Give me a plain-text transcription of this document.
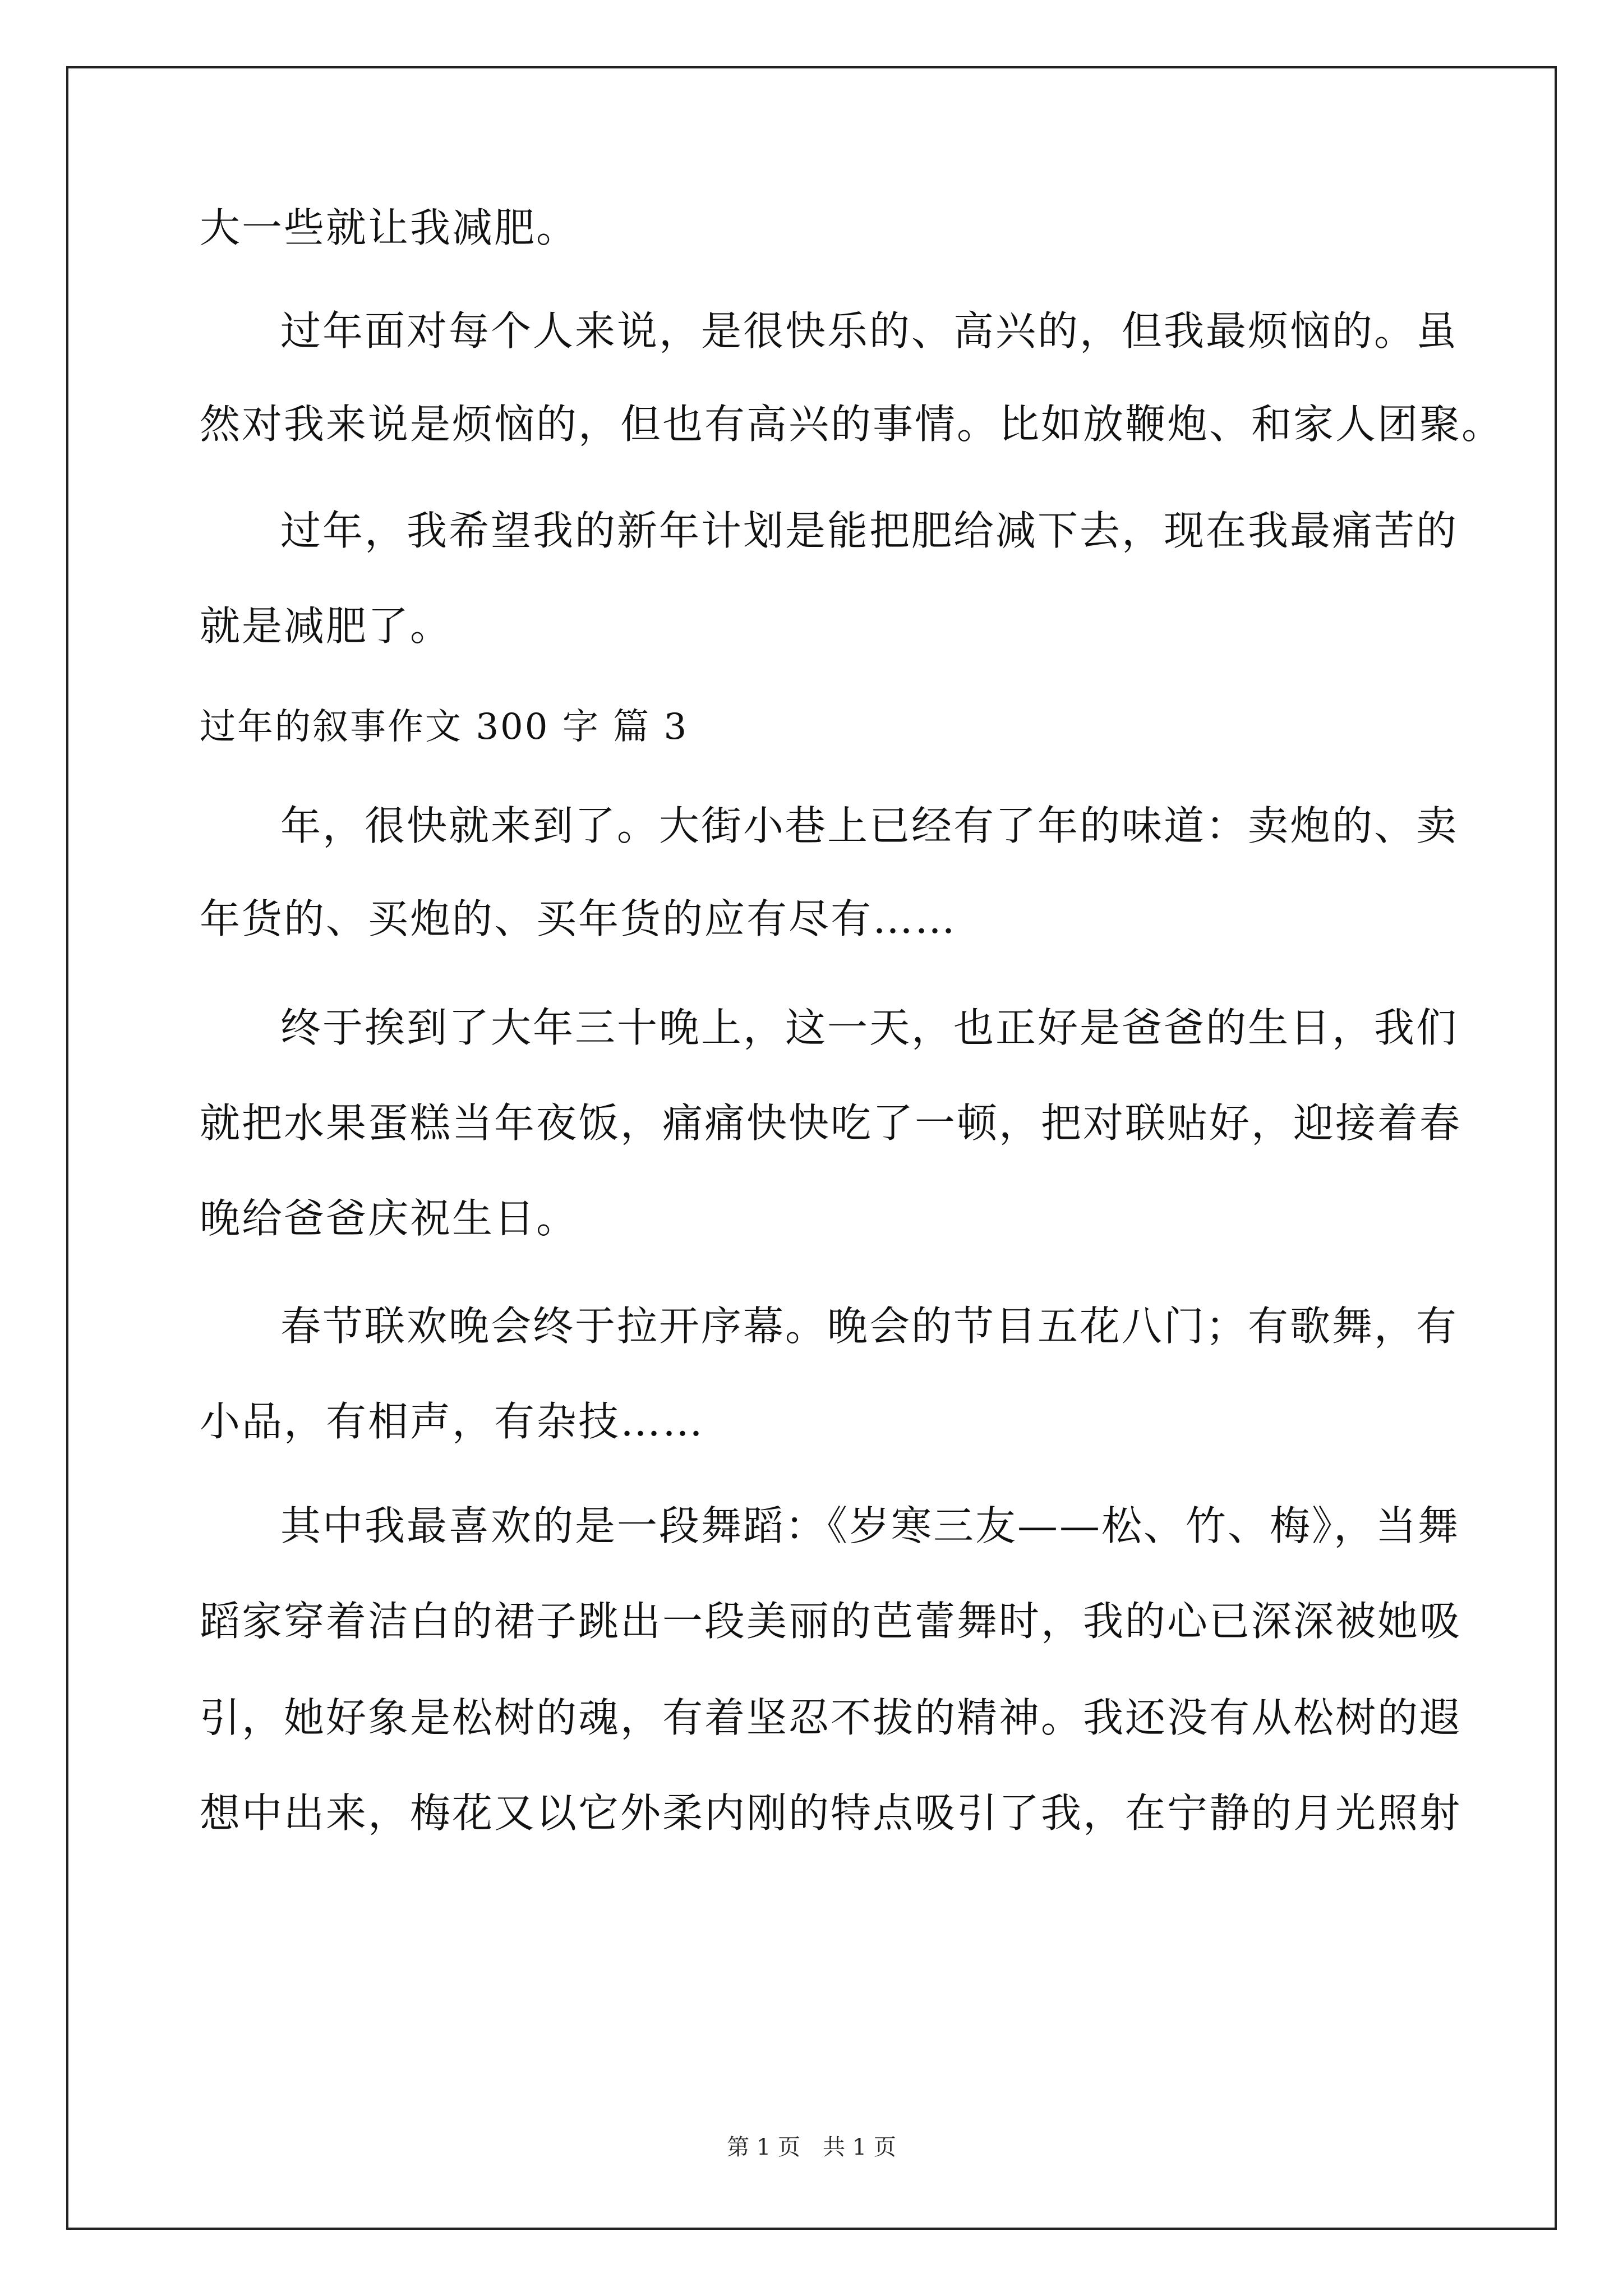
大一些就让我减肥。
过年面对每个人来说，是很快乐的、高兴的，但我最烦恼的。虽
然对我来说是烦恼的，但也有高兴的事情。比如放鞭炮、和家人团聚。
过年，我希望我的新年计划是能把肥给减下去，现在我最痛苦的
就是减肥了。
过年的叙事作文 300 字 篇 3
年，很快就来到了。大街小巷上已经有了年的味道：卖炮的、卖
年货的、买炮的、买年货的应有尽有……
终于挨到了大年三十晚上，这一天，也正好是爸爸的生日，我们
就把水果蛋糕当年夜饭，痛痛快快吃了一顿，把对联贴好，迎接着春
晚给爸爸庆祝生日。
春节联欢晚会终于拉开序幕。晚会的节目五花八门；有歌舞，有
小品，有相声，有杂技……
其中我最喜欢的是一段舞蹈：《岁寒三友——松、竹、梅》，当舞
蹈家穿着洁白的裙子跳出一段美丽的芭蕾舞时，我的心已深深被她吸
引，她好象是松树的魂，有着坚忍不拔的精神。我还没有从松树的遐
想中出来，梅花又以它外柔内刚的特点吸引了我，在宁静的月光照射
第 1 页 共 1 页
